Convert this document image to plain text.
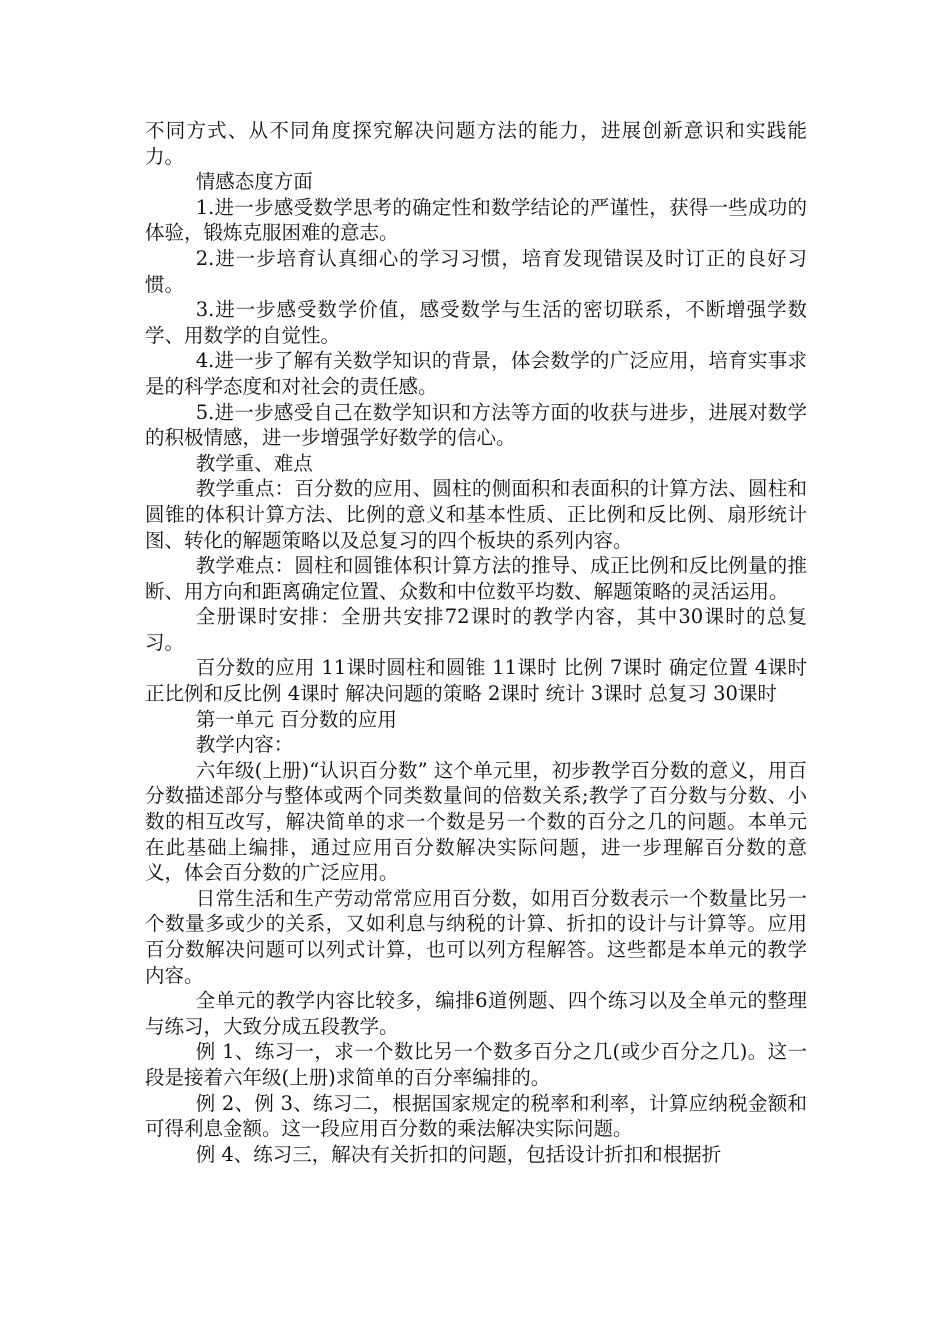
不同方式、从不同角度探究解决问题方法的能力，进展创新意识和实践能力。

情感态度方面

1.进一步感受数学思考的确定性和数学结论的严谨性，获得一些成功的体验，锻炼克服困难的意志。

2.进一步培育认真细心的学习习惯，培育发现错误及时订正的良好习惯。

3.进一步感受数学价值，感受数学与生活的密切联系，不断增强学数学、用数学的自觉性。

4.进一步了解有关数学知识的背景，体会数学的广泛应用，培育实事求是的科学态度和对社会的责任感。

5.进一步感受自己在数学知识和方法等方面的收获与进步，进展对数学的积极情感，进一步增强学好数学的信心。

教学重、难点

教学重点：百分数的应用、圆柱的侧面积和表面积的计算方法、圆柱和圆锥的体积计算方法、比例的意义和基本性质、正比例和反比例、扇形统计图、转化的解题策略以及总复习的四个板块的系列内容。

教学难点：圆柱和圆锥体积计算方法的推导、成正比例和反比例量的推断、用方向和距离确定位置、众数和中位数平均数、解题策略的灵活运用。

全册课时安排：全册共安排72课时的教学内容，其中30课时的总复习。

百分数的应用 11课时圆柱和圆锥 11课时 比例 7课时 确定位置 4课时 正比例和反比例 4课时 解决问题的策略 2课时 统计 3课时 总复习 30课时

第一单元 百分数的应用

教学内容：

六年级(上册)“认识百分数” 这个单元里，初步教学百分数的意义，用百分数描述部分与整体或两个同类数量间的倍数关系;教学了百分数与分数、小数的相互改写，解决简单的求一个数是另一个数的百分之几的问题。本单元在此基础上编排，通过应用百分数解决实际问题，进一步理解百分数的意义，体会百分数的广泛应用。

日常生活和生产劳动常常应用百分数，如用百分数表示一个数量比另一个数量多或少的关系，又如利息与纳税的计算、折扣的设计与计算等。应用百分数解决问题可以列式计算，也可以列方程解答。这些都是本单元的教学内容。

全单元的教学内容比较多，编排6道例题、四个练习以及全单元的整理与练习，大致分成五段教学。

例 1、练习一，求一个数比另一个数多百分之几(或少百分之几)。这一段是接着六年级(上册)求简单的百分率编排的。

例 2、例 3、练习二，根据国家规定的税率和利率，计算应纳税金额和可得利息金额。这一段应用百分数的乘法解决实际问题。

例 4、练习三，解决有关折扣的问题，包括设计折扣和根据折
